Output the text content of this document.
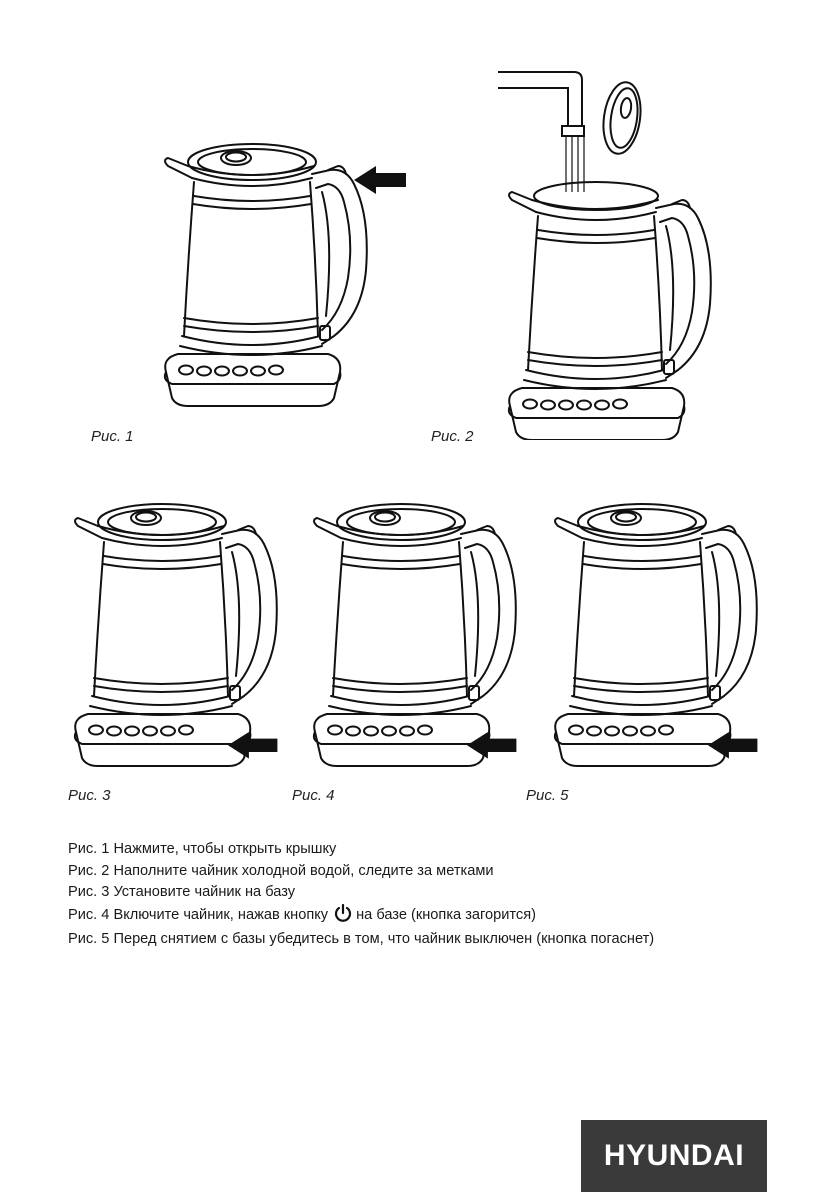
Рис. 1	Рис. 2
Рис. 3	Рис. 4	Рис. 5
Рис. 1 Нажмите, чтобы открыть крышку
Рис. 2 Наполните чайник холодной водой, следите за метками
Рис. 3 Установите чайник на базу
Рис. 4 Включите чайник, нажав кнопку на базе (кнопка загорится)
Рис. 5 Перед снятием с базы убедитесь в том, что чайник выключен (кнопка погаснет)
HYUNDAI
